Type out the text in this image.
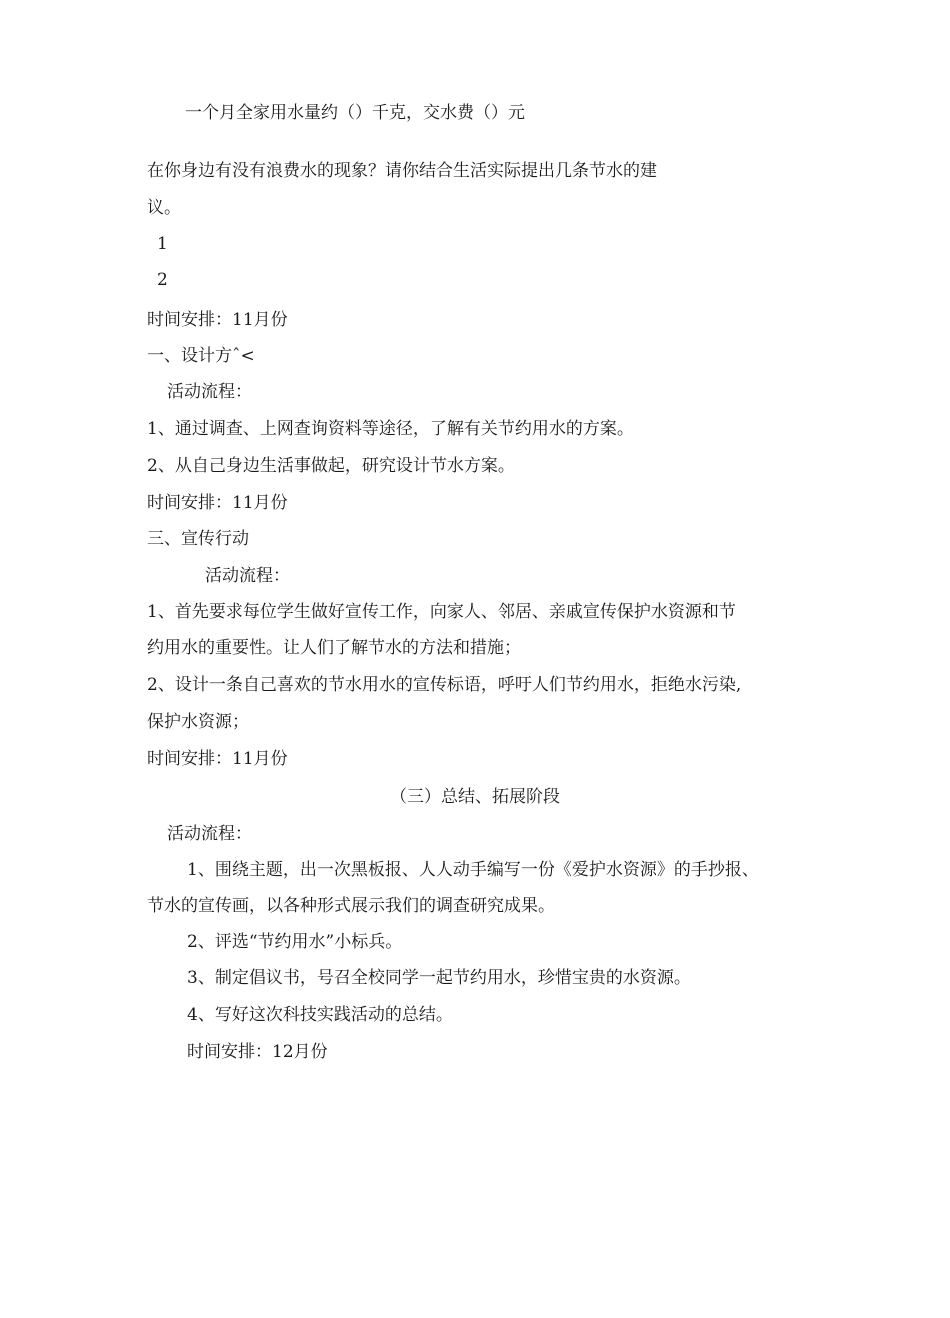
一个月全家用水量约（）千克，交水费（）元
在你身边有没有浪费水的现象？请你结合生活实际提出几条节水的建
议。
1
2
时间安排：11月份
一、设计方ˆ<
活动流程：
1、通过调查、上网查询资料等途径，了解有关节约用水的方案。
2、从自己身边生活事做起，研究设计节水方案。
时间安排：11月份
三、宣传行动
活动流程：
1、首先要求每位学生做好宣传工作，向家人、邻居、亲戚宣传保护水资源和节
约用水的重要性。让人们了解节水的方法和措施；
2、设计一条自己喜欢的节水用水的宣传标语，呼吁人们节约用水，拒绝水污染,
保护水资源；
时间安排：11月份
（三）总结、拓展阶段
活动流程：
1、围绕主题，出一次黑板报、人人动手编写一份《爱护水资源》的手抄报、
节水的宣传画，以各种形式展示我们的调查研究成果。
2、评选“节约用水”小标兵。
3、制定倡议书，号召全校同学一起节约用水，珍惜宝贵的水资源。
4、写好这次科技实践活动的总结。
时间安排：12月份
